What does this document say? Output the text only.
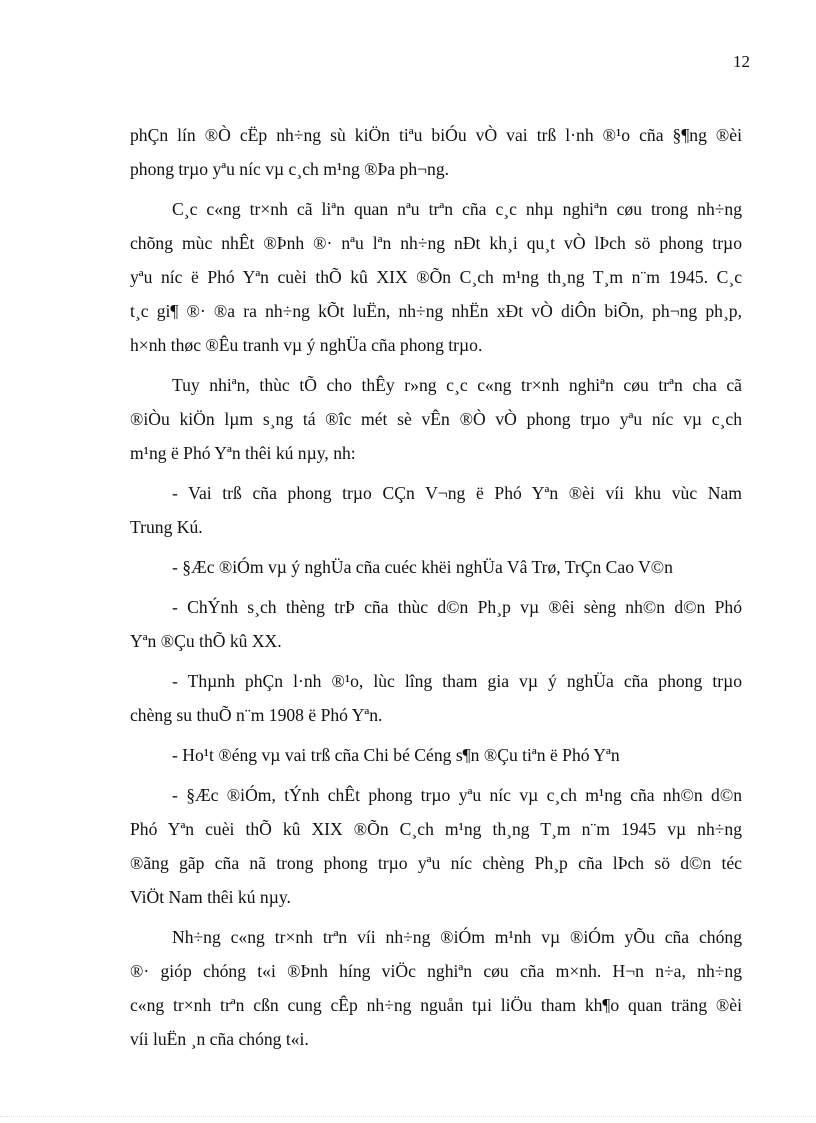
12

phÇn lín ®Ò cËp nh÷ng sù kiÖn tiªu biÓu vÒ vai trß l·nh ®¹o cña §¶ng ®èi
phong trµo yªu níc vµ c¸ch m¹ng ®Þa ph¬ng.

C¸c c«ng tr×nh cã liªn quan nªu trªn cña c¸c nhµ nghiªn cøu trong nh÷ng
chõng mùc nhÊt ®Þnh ®· nªu lªn nh÷ng nÐt kh¸i qu¸t vÒ lÞch sö phong trµo
yªu níc ë Phó Yªn cuèi thÕ kû XIX ®Õn C¸ch m¹ng th¸ng T¸m n¨m 1945. C¸c
t¸c gi¶ ®· ®a ra nh÷ng kÕt luËn, nh÷ng nhËn xÐt vÒ diÔn biÕn, ph¬ng ph¸p,
h×nh thøc ®Êu tranh vµ ý nghÜa cña phong trµo.

Tuy nhiªn, thùc tÕ cho thÊy r»ng c¸c c«ng tr×nh nghiªn cøu trªn cha cã
®iÒu kiÖn lµm s¸ng tá ®îc mét sè vÊn ®Ò vÒ phong trµo yªu níc vµ c¸ch
m¹ng ë Phó Yªn thêi kú nµy, nh:

- Vai trß cña phong trµo CÇn V¬ng ë Phó Yªn ®èi víi khu vùc Nam
Trung Kú.

- §Æc ®iÓm vµ ý nghÜa cña cuéc khëi nghÜa Vâ Trø, TrÇn Cao V©n

- ChÝnh s¸ch thèng trÞ cña thùc d©n Ph¸p vµ ®êi sèng nh©n d©n Phó
Yªn ®Çu thÕ kû XX.

- Thµnh phÇn l·nh ®¹o, lùc lîng tham gia vµ ý nghÜa cña phong trµo
chèng su thuÕ n¨m 1908 ë Phó Yªn.

- Ho¹t ®éng vµ vai trß cña Chi bé Céng s¶n ®Çu tiªn ë Phó Yªn

- §Æc ®iÓm, tÝnh chÊt phong trµo yªu níc vµ c¸ch m¹ng cña nh©n d©n
Phó Yªn cuèi thÕ kû XIX ®Õn C¸ch m¹ng th¸ng T¸m n¨m 1945 vµ nh÷ng
®ãng gãp cña nã trong phong trµo yªu níc chèng Ph¸p cña lÞch sö d©n téc
ViÖt Nam thêi kú nµy.

Nh÷ng c«ng tr×nh trªn víi nh÷ng ®iÓm m¹nh vµ ®iÓm yÕu cña chóng
®· gióp chóng t«i ®Þnh híng viÖc nghiªn cøu cña m×nh. H¬n n÷a, nh÷ng
c«ng tr×nh trªn cßn cung cÊp nh÷ng nguån tµi liÖu tham kh¶o quan träng ®èi
víi luËn ¸n cña chóng t«i.
